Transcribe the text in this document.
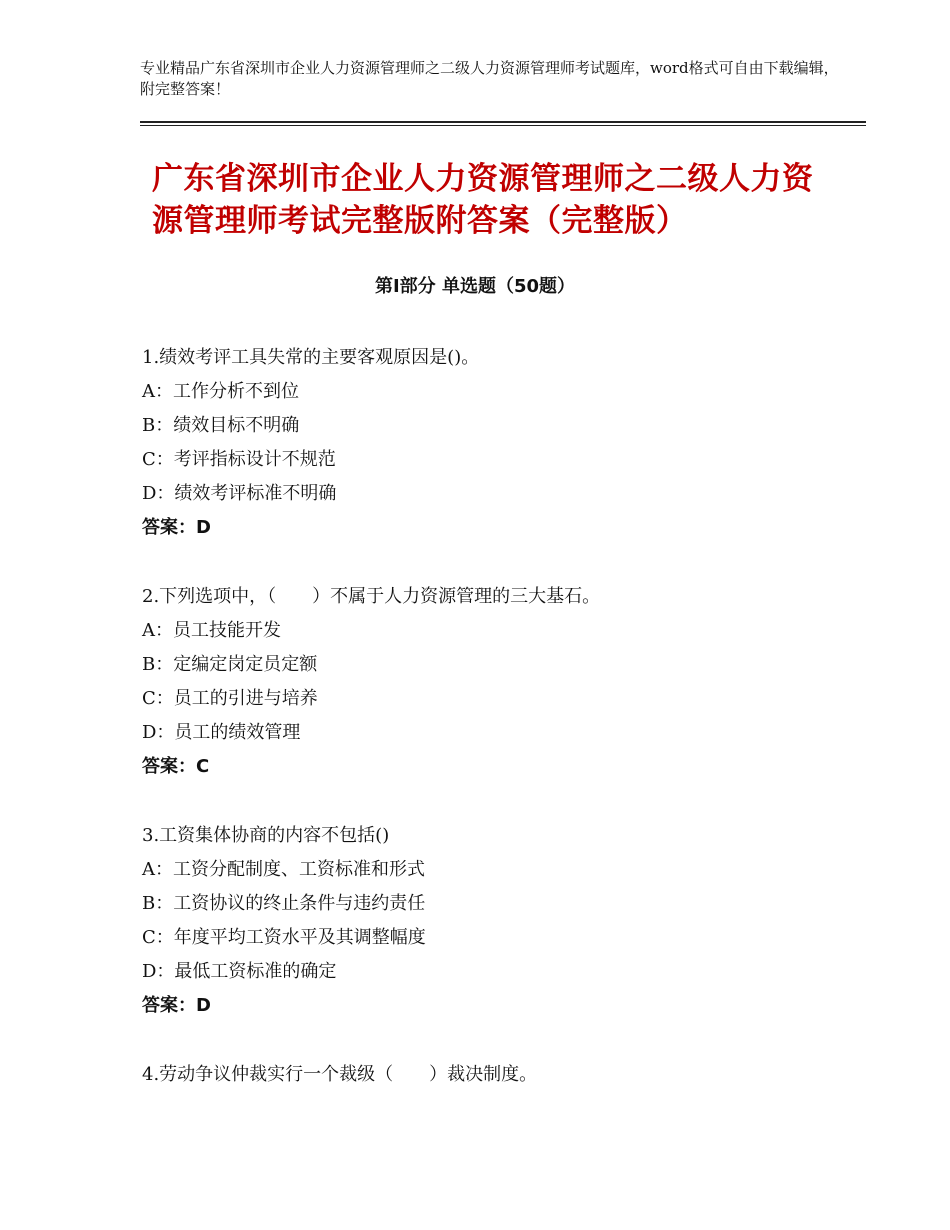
专业精品广东省深圳市企业人力资源管理师之二级人力资源管理师考试题库，word格式可自由下载编辑，附完整答案！
广东省深圳市企业人力资源管理师之二级人力资源管理师考试完整版附答案（完整版）
第Ⅰ部分 单选题（50题）
1.绩效考评工具失常的主要客观原因是()。
A：工作分析不到位
B：绩效目标不明确
C：考评指标设计不规范
D：绩效考评标准不明确
答案：D
2.下列选项中，（　　）不属于人力资源管理的三大基石。
A：员工技能开发
B：定编定岗定员定额
C：员工的引进与培养
D：员工的绩效管理
答案：C
3.工资集体协商的内容不包括()
A：工资分配制度、工资标准和形式
B：工资协议的终止条件与违约责任
C：年度平均工资水平及其调整幅度
D：最低工资标准的确定
答案：D
4.劳动争议仲裁实行一个裁级（　　）裁决制度。
